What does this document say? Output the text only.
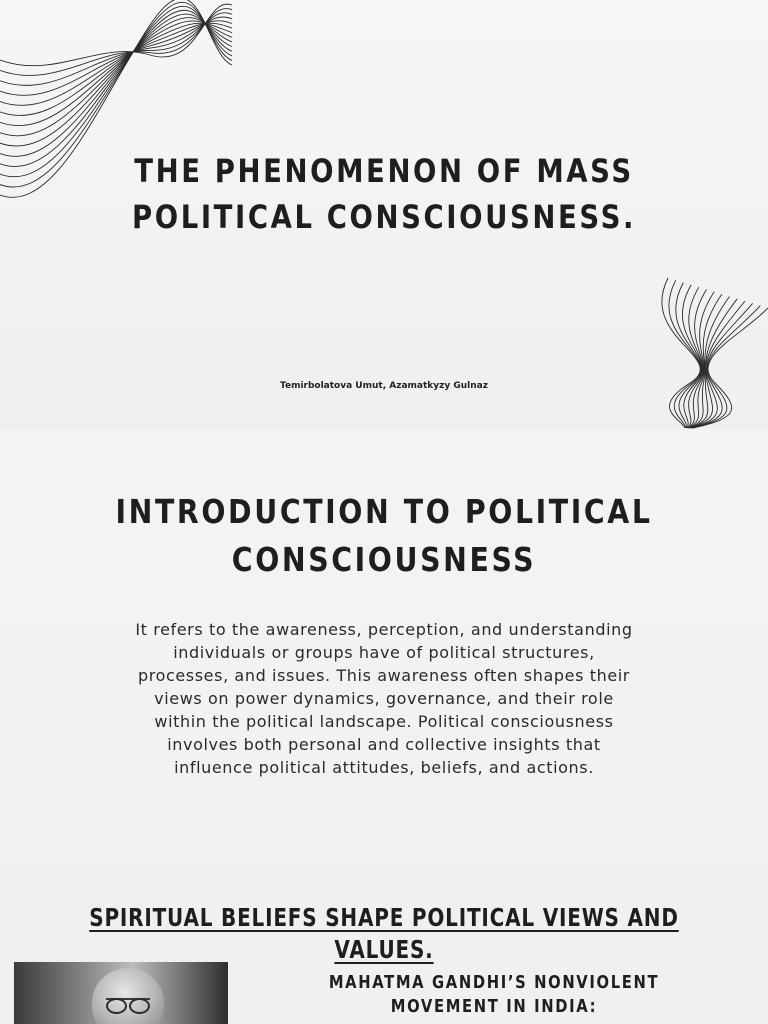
THE PHENOMENON OF MASS
POLITICAL CONSCIOUSNESS.

Temirbolatova Umut, Azamatkyzy Gulnaz

INTRODUCTION TO POLITICAL
CONSCIOUSNESS

It refers to the awareness, perception, and understanding
individuals or groups have of political structures,
processes, and issues. This awareness often shapes their
views on power dynamics, governance, and their role
within the political landscape. Political consciousness
involves both personal and collective insights that
influence political attitudes, beliefs, and actions.

SPIRITUAL BELIEFS SHAPE POLITICAL VIEWS AND VALUES.
MAHATMA GANDHI’S NONVIOLENT MOVEMENT IN INDIA:
